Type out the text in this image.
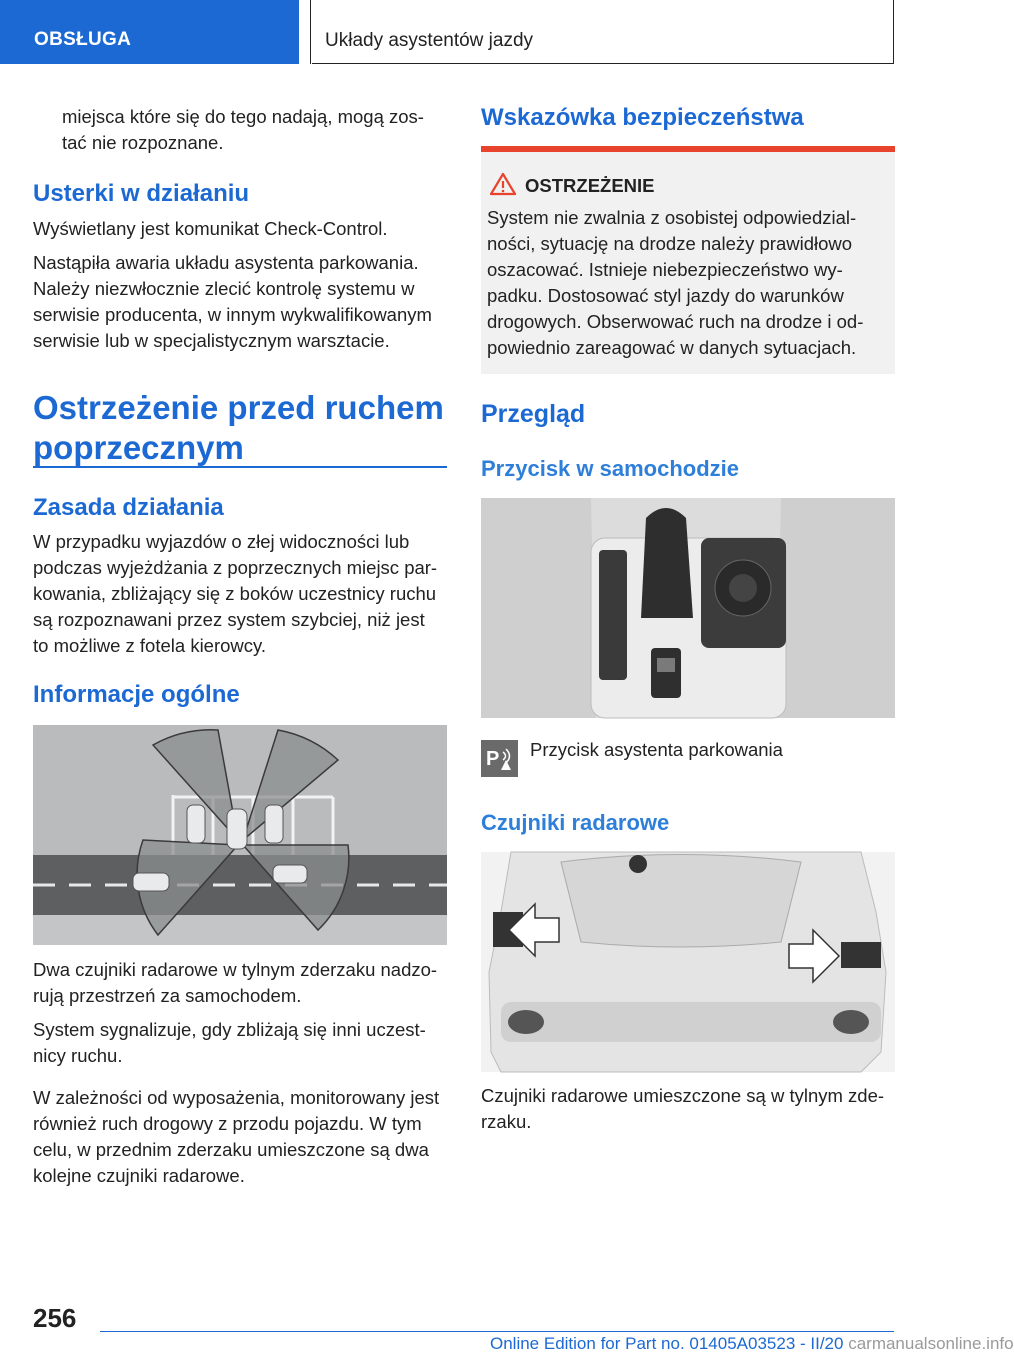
OBSŁUGA	Układy asystentów jazdy

miejsca które się do tego nadają, mogą zos-

tać nie rozpoznane.

Usterki w działaniu

Wyświetlany jest komunikat Check-Control.

Nastąpiła awaria układu asystenta parkowania.

Należy niezwłocznie zlecić kontrolę systemu w

serwisie producenta, w innym wykwalifikowanym

serwisie lub w specjalistycznym warsztacie.

Ostrzeżenie przed ruchem
poprzecznym
Zasada działania

W przypadku wyjazdów o złej widoczności lub

podczas wyjeżdżania z poprzecznych miejsc par-

kowania, zbliżający się z boków uczestnicy ruchu

są rozpoznawani przez system szybciej, niż jest

to możliwe z fotela kierowcy.

Informacje ogólne

Dwa czujniki radarowe w tylnym zderzaku nadzo-

rują przestrzeń za samochodem.

System sygnalizuje, gdy zbliżają się inni uczest-

nicy ruchu.

W zależności od wyposażenia, monitorowany jest

również ruch drogowy z przodu pojazdu. W tym

celu, w przednim zderzaku umieszczone są dwa

kolejne czujniki radarowe.

Wskazówka bezpieczeństwa
OSTRZEŻENIE

System nie zwalnia z osobistej odpowiedzial-

ności, sytuację na drodze należy prawidłowo

oszacować. Istnieje niebezpieczeństwo wy-

padku. Dostosować styl jazdy do warunków

drogowych. Obserwować ruch na drodze i od-

powiednio zareagować w danych sytuacjach.

Przegląd
Przycisk w samochodzie
P Przycisk asystenta parkowania

Czujniki radarowe

Czujniki radarowe umieszczone są w tylnym zde-

rzaku.

256
Online Edition for Part no. 01405A03523 - II/20 carmanualsonline.info
